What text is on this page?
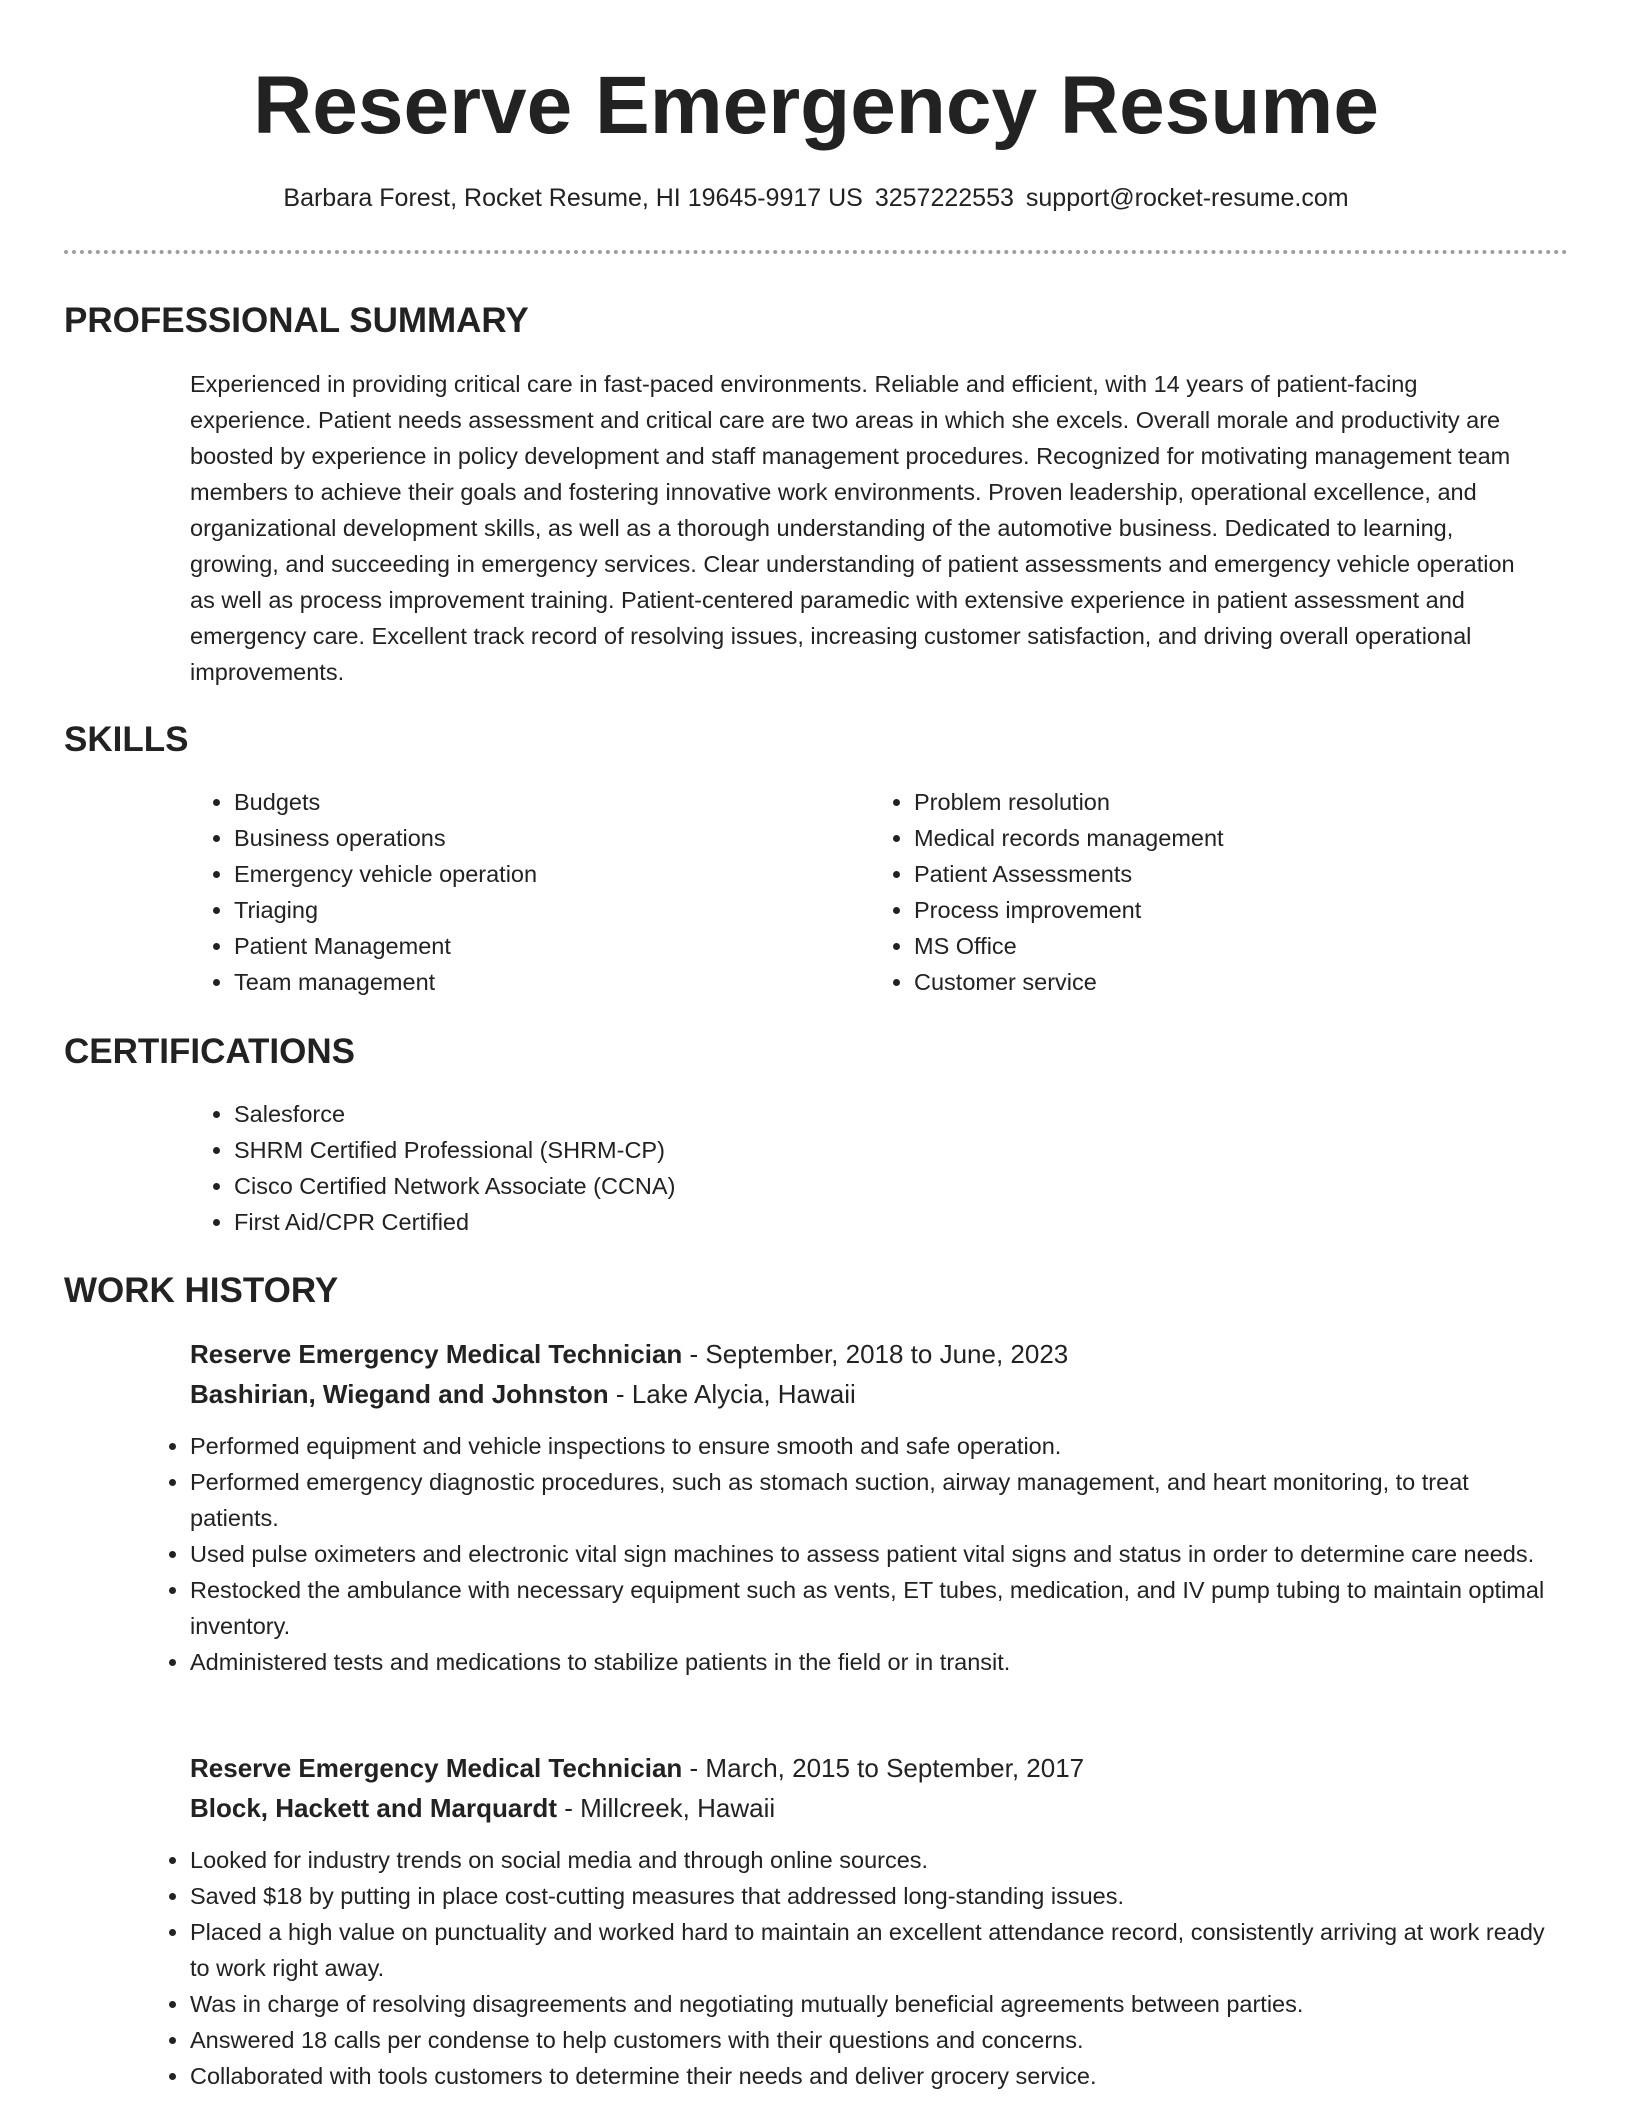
Reserve Emergency Resume
Barbara Forest, Rocket Resume, HI 19645-9917 US 3257222553 support@rocket-resume.com
PROFESSIONAL SUMMARY

Experienced in providing critical care in fast-paced environments. Reliable and efficient, with 14 years of patient-facing experience. Patient needs assessment and critical care are two areas in which she excels. Overall morale and productivity are boosted by experience in policy development and staff management procedures. Recognized for motivating management team members to achieve their goals and fostering innovative work environments. Proven leadership, operational excellence, and organizational development skills, as well as a thorough understanding of the automotive business. Dedicated to learning, growing, and succeeding in emergency services. Clear understanding of patient assessments and emergency vehicle operation as well as process improvement training. Patient-centered paramedic with extensive experience in patient assessment and emergency care. Excellent track record of resolving issues, increasing customer satisfaction, and driving overall operational improvements.

SKILLS
• Budgets
• Business operations
• Emergency vehicle operation
• Triaging
• Patient Management
• Team management
• Problem resolution
• Medical records management
• Patient Assessments
• Process improvement
• MS Office
• Customer service
CERTIFICATIONS
• Salesforce
• SHRM Certified Professional (SHRM-CP)
• Cisco Certified Network Associate (CCNA)
• First Aid/CPR Certified
WORK HISTORY
Reserve Emergency Medical Technician - September, 2018 to June, 2023
Bashirian, Wiegand and Johnston - Lake Alycia, Hawaii
• Performed equipment and vehicle inspections to ensure smooth and safe operation.
• Performed emergency diagnostic procedures, such as stomach suction, airway management, and heart monitoring, to treat patients.
• Used pulse oximeters and electronic vital sign machines to assess patient vital signs and status in order to determine care needs.
• Restocked the ambulance with necessary equipment such as vents, ET tubes, medication, and IV pump tubing to maintain optimal inventory.
• Administered tests and medications to stabilize patients in the field or in transit.
Reserve Emergency Medical Technician - March, 2015 to September, 2017
Block, Hackett and Marquardt - Millcreek, Hawaii
• Looked for industry trends on social media and through online sources.
• Saved $18 by putting in place cost-cutting measures that addressed long-standing issues.
• Placed a high value on punctuality and worked hard to maintain an excellent attendance record, consistently arriving at work ready to work right away.
• Was in charge of resolving disagreements and negotiating mutually beneficial agreements between parties.
• Answered 18 calls per condense to help customers with their questions and concerns.
• Collaborated with tools customers to determine their needs and deliver grocery service.
